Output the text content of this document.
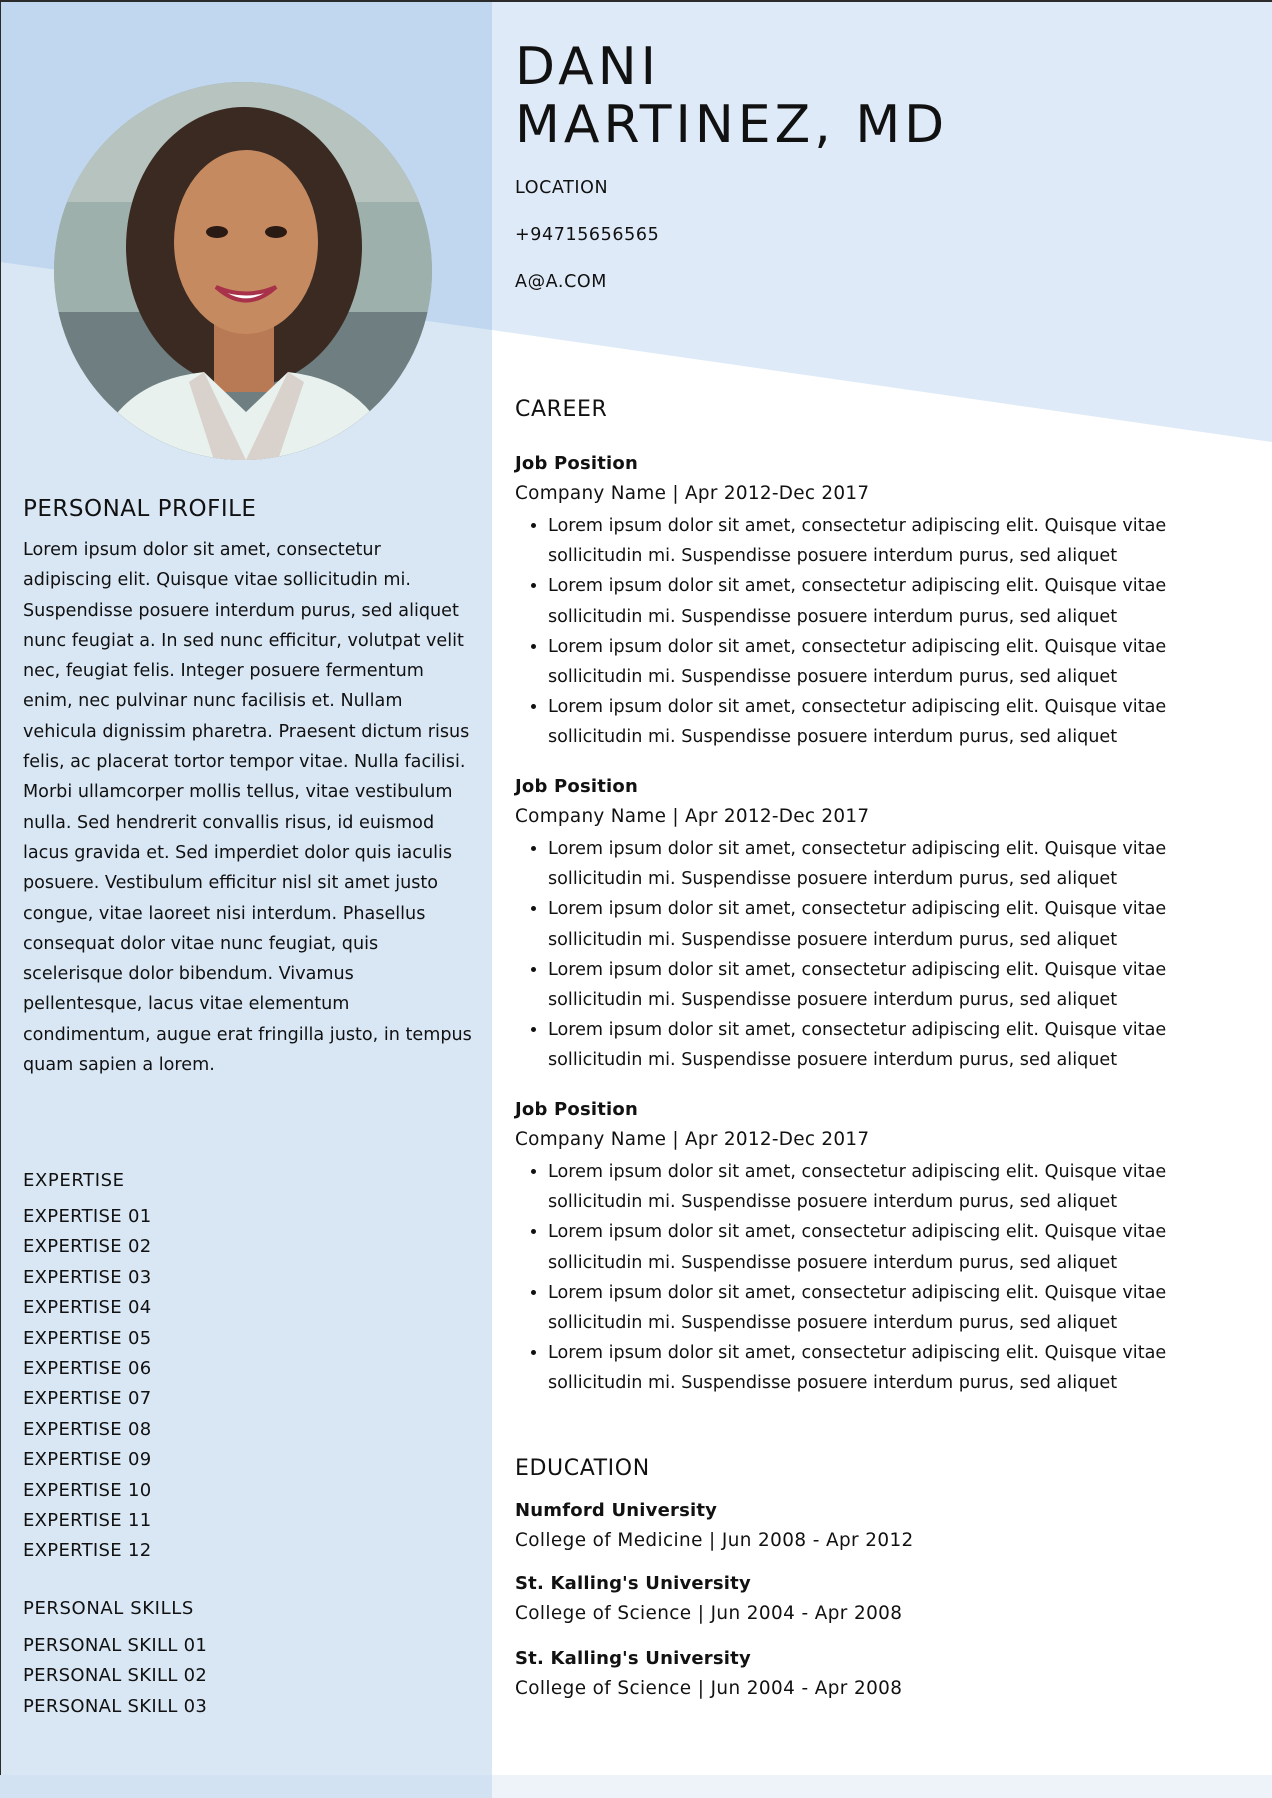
PERSONAL PROFILE

Lorem ipsum dolor sit amet, consectetur adipiscing elit. Quisque vitae sollicitudin mi. Suspendisse posuere interdum purus, sed aliquet nunc feugiat a. In sed nunc efficitur, volutpat velit nec, feugiat felis. Integer posuere fermentum enim, nec pulvinar nunc facilisis et. Nullam vehicula dignissim pharetra. Praesent dictum risus felis, ac placerat tortor tempor vitae. Nulla facilisi. Morbi ullamcorper mollis tellus, vitae vestibulum nulla. Sed hendrerit convallis risus, id euismod lacus gravida et. Sed imperdiet dolor quis iaculis posuere. Vestibulum efficitur nisl sit amet justo congue, vitae laoreet nisi interdum. Phasellus consequat dolor vitae nunc feugiat, quis scelerisque dolor bibendum. Vivamus pellentesque, lacus vitae elementum condimentum, augue erat fringilla justo, in tempus quam sapien a lorem.

EXPERTISE
EXPERTISE 01
EXPERTISE 02
EXPERTISE 03
EXPERTISE 04
EXPERTISE 05
EXPERTISE 06
EXPERTISE 07
EXPERTISE 08
EXPERTISE 09
EXPERTISE 10
EXPERTISE 11
EXPERTISE 12
PERSONAL SKILLS
PERSONAL SKILL 01
PERSONAL SKILL 02
PERSONAL SKILL 03
DANI
MARTINEZ, MD
LOCATION
+94715656565
A@A.COM
CAREER
Job Position
Company Name | Apr 2012-Dec 2017
• Lorem ipsum dolor sit amet, consectetur adipiscing elit. Quisque vitae sollicitudin mi. Suspendisse posuere interdum purus, sed aliquet
• Lorem ipsum dolor sit amet, consectetur adipiscing elit. Quisque vitae sollicitudin mi. Suspendisse posuere interdum purus, sed aliquet
• Lorem ipsum dolor sit amet, consectetur adipiscing elit. Quisque vitae sollicitudin mi. Suspendisse posuere interdum purus, sed aliquet
• Lorem ipsum dolor sit amet, consectetur adipiscing elit. Quisque vitae sollicitudin mi. Suspendisse posuere interdum purus, sed aliquet
Job Position
Company Name | Apr 2012-Dec 2017
• Lorem ipsum dolor sit amet, consectetur adipiscing elit. Quisque vitae sollicitudin mi. Suspendisse posuere interdum purus, sed aliquet
• Lorem ipsum dolor sit amet, consectetur adipiscing elit. Quisque vitae sollicitudin mi. Suspendisse posuere interdum purus, sed aliquet
• Lorem ipsum dolor sit amet, consectetur adipiscing elit. Quisque vitae sollicitudin mi. Suspendisse posuere interdum purus, sed aliquet
• Lorem ipsum dolor sit amet, consectetur adipiscing elit. Quisque vitae sollicitudin mi. Suspendisse posuere interdum purus, sed aliquet
Job Position
Company Name | Apr 2012-Dec 2017
• Lorem ipsum dolor sit amet, consectetur adipiscing elit. Quisque vitae sollicitudin mi. Suspendisse posuere interdum purus, sed aliquet
• Lorem ipsum dolor sit amet, consectetur adipiscing elit. Quisque vitae sollicitudin mi. Suspendisse posuere interdum purus, sed aliquet
• Lorem ipsum dolor sit amet, consectetur adipiscing elit. Quisque vitae sollicitudin mi. Suspendisse posuere interdum purus, sed aliquet
• Lorem ipsum dolor sit amet, consectetur adipiscing elit. Quisque vitae sollicitudin mi. Suspendisse posuere interdum purus, sed aliquet
EDUCATION
Numford University
College of Medicine | Jun 2008 - Apr 2012
St. Kalling's University
College of Science | Jun 2004 - Apr 2008
St. Kalling's University
College of Science | Jun 2004 - Apr 2008
